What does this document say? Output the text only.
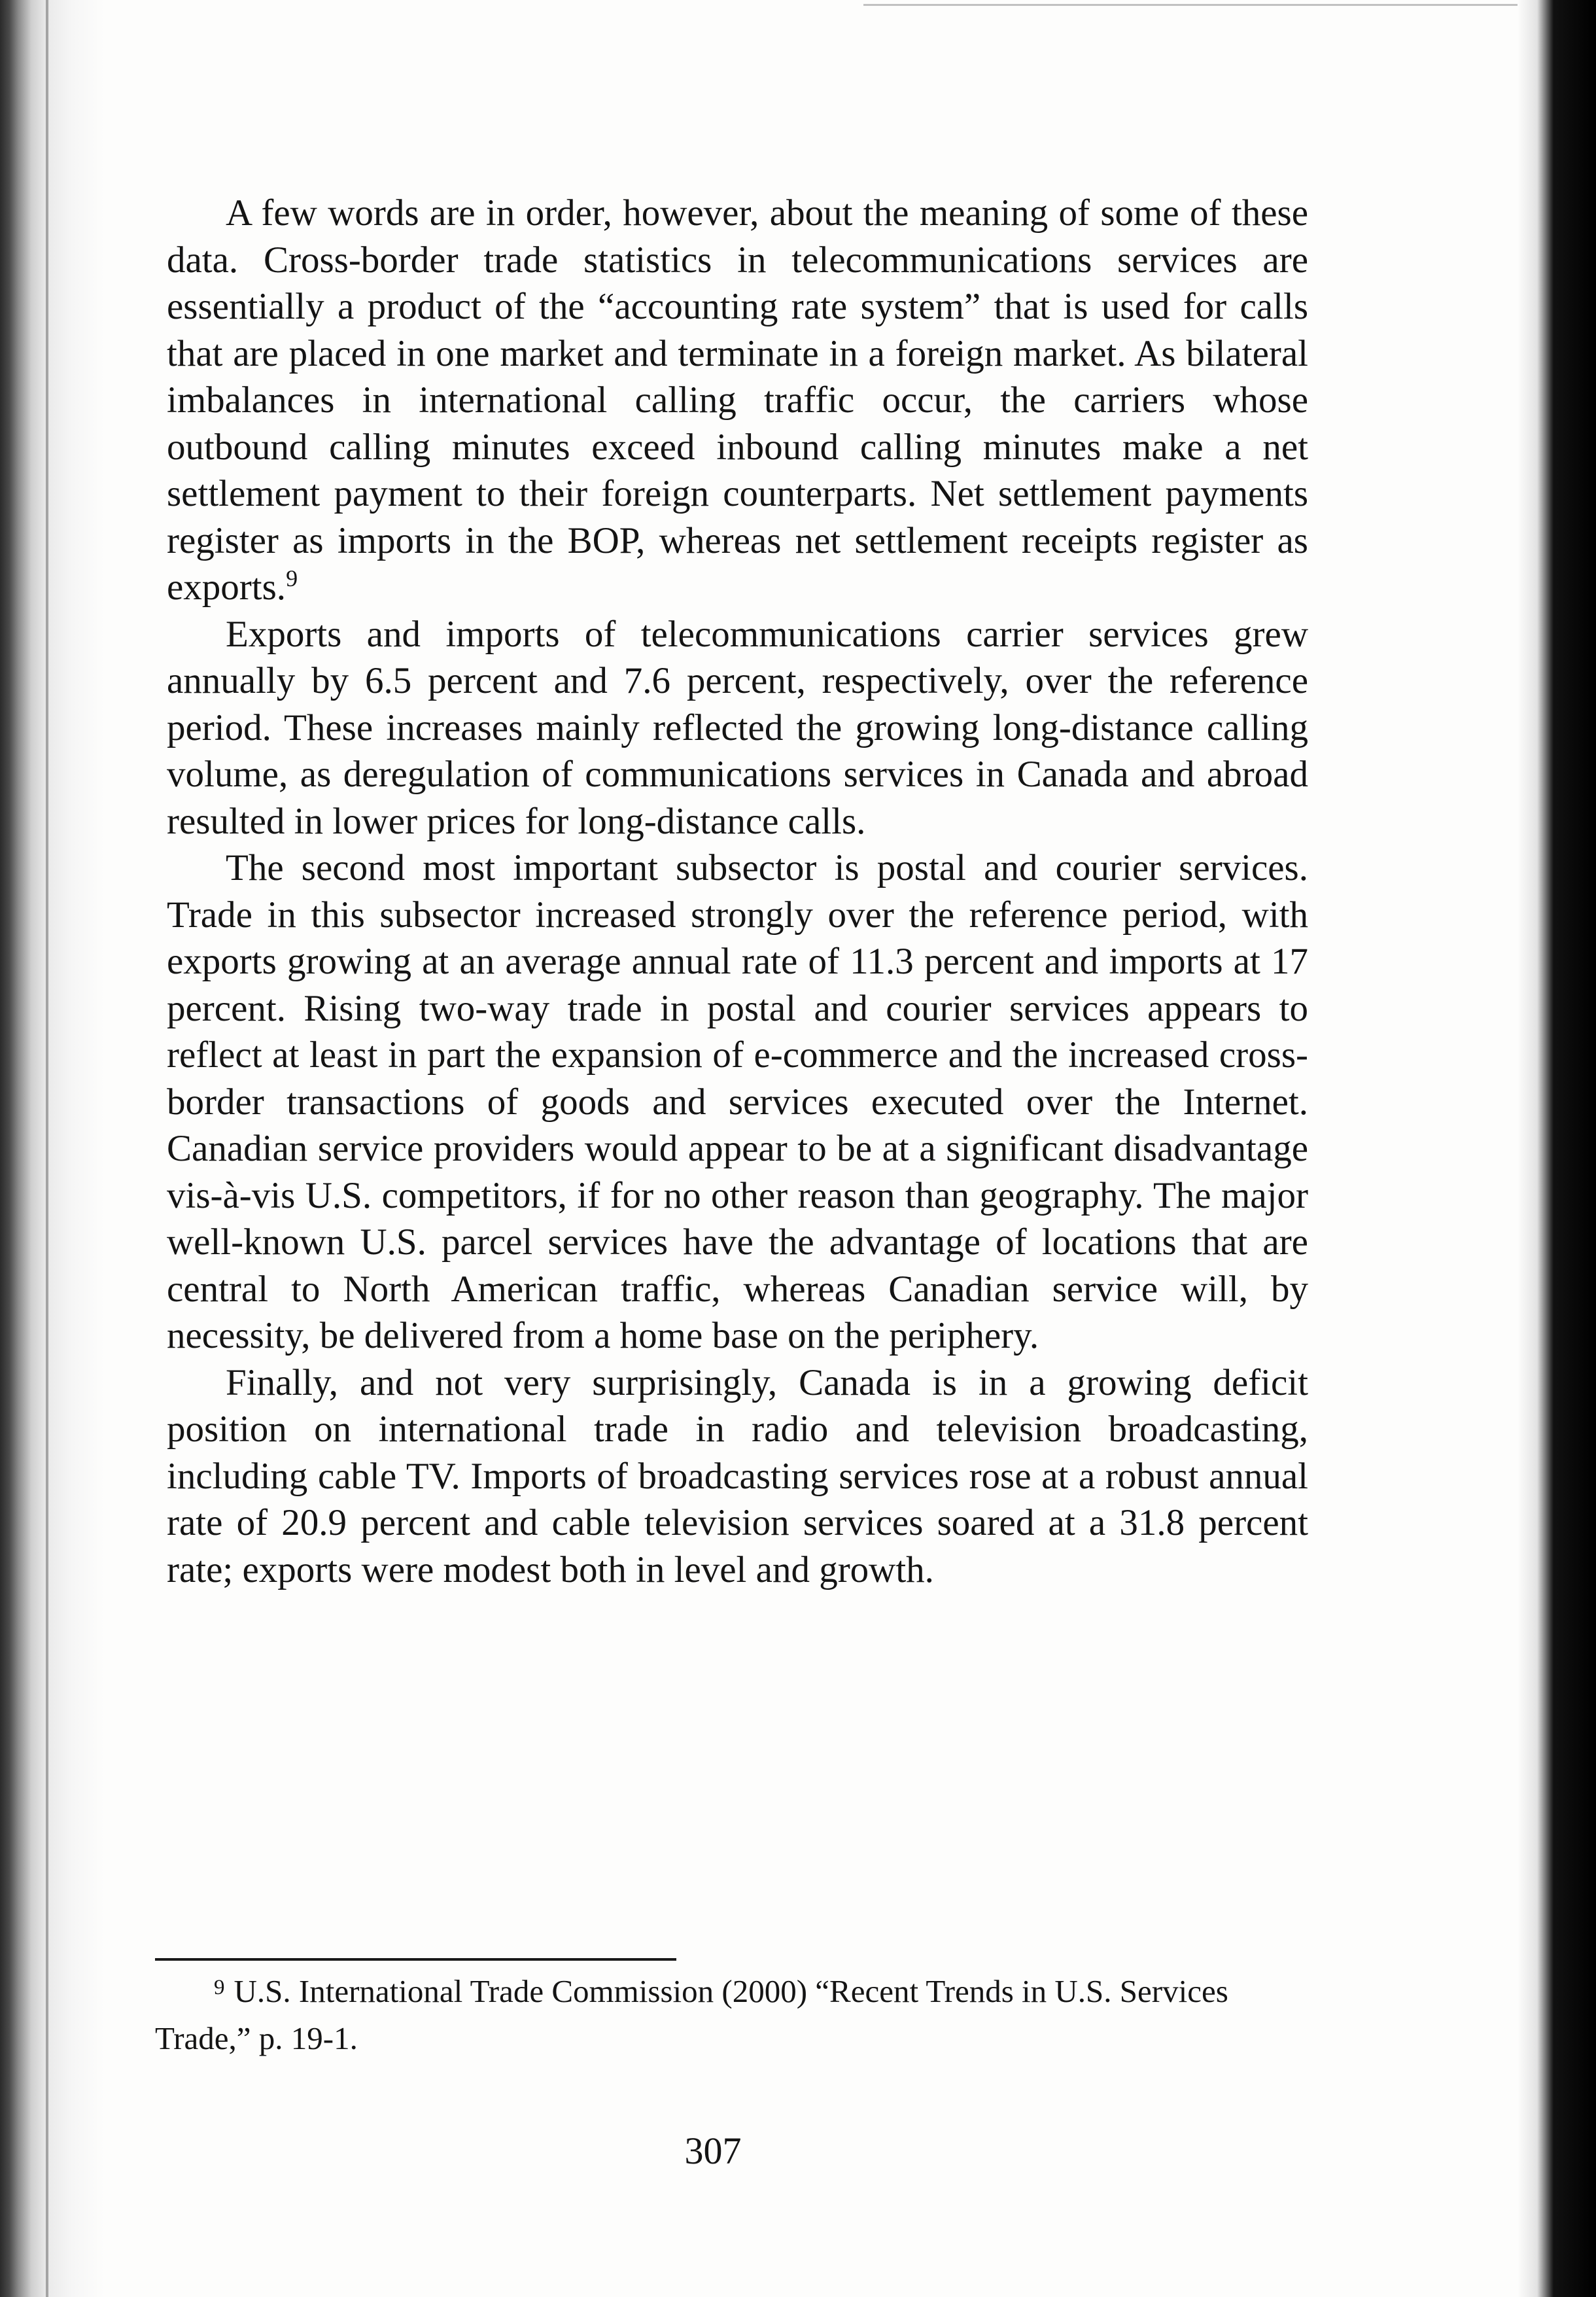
A few words are in order, however, about the meaning of some of these data. Cross-border trade statistics in telecommunications services are essentially a product of the “accounting rate system” that is used for calls that are placed in one market and terminate in a foreign market. As bilateral imbalances in international calling traffic occur, the carriers whose outbound calling minutes exceed inbound calling minutes make a net settlement payment to their foreign counterparts. Net settlement payments register as imports in the BOP, whereas net settlement receipts register as exports.$^9$

Exports and imports of telecommunications carrier services grew annually by 6.5 percent and 7.6 percent, respectively, over the reference period. These increases mainly reflected the growing long-distance calling volume, as deregulation of communications services in Canada and abroad resulted in lower prices for long-distance calls.

The second most important subsector is postal and courier services. Trade in this subsector increased strongly over the reference period, with exports growing at an average annual rate of 11.3 percent and imports at 17 percent. Rising two-way trade in postal and courier services appears to reflect at least in part the expansion of e-commerce and the increased cross-border transactions of goods and services executed over the Internet. Canadian service providers would appear to be at a significant disadvantage vis-à-vis U.S. competitors, if for no other reason than geography. The major well-known U.S. parcel services have the advantage of locations that are central to North American traffic, whereas Canadian service will, by necessity, be delivered from a home base on the periphery.

Finally, and not very surprisingly, Canada is in a growing deficit position on international trade in radio and television broadcasting, including cable TV. Imports of broadcasting services rose at a robust annual rate of 20.9 percent and cable television services soared at a 31.8 percent rate; exports were modest both in level and growth.

$^9$ U.S. International Trade Commission (2000) “Recent Trends in U.S. Services Trade,” p. 19-1.

307
